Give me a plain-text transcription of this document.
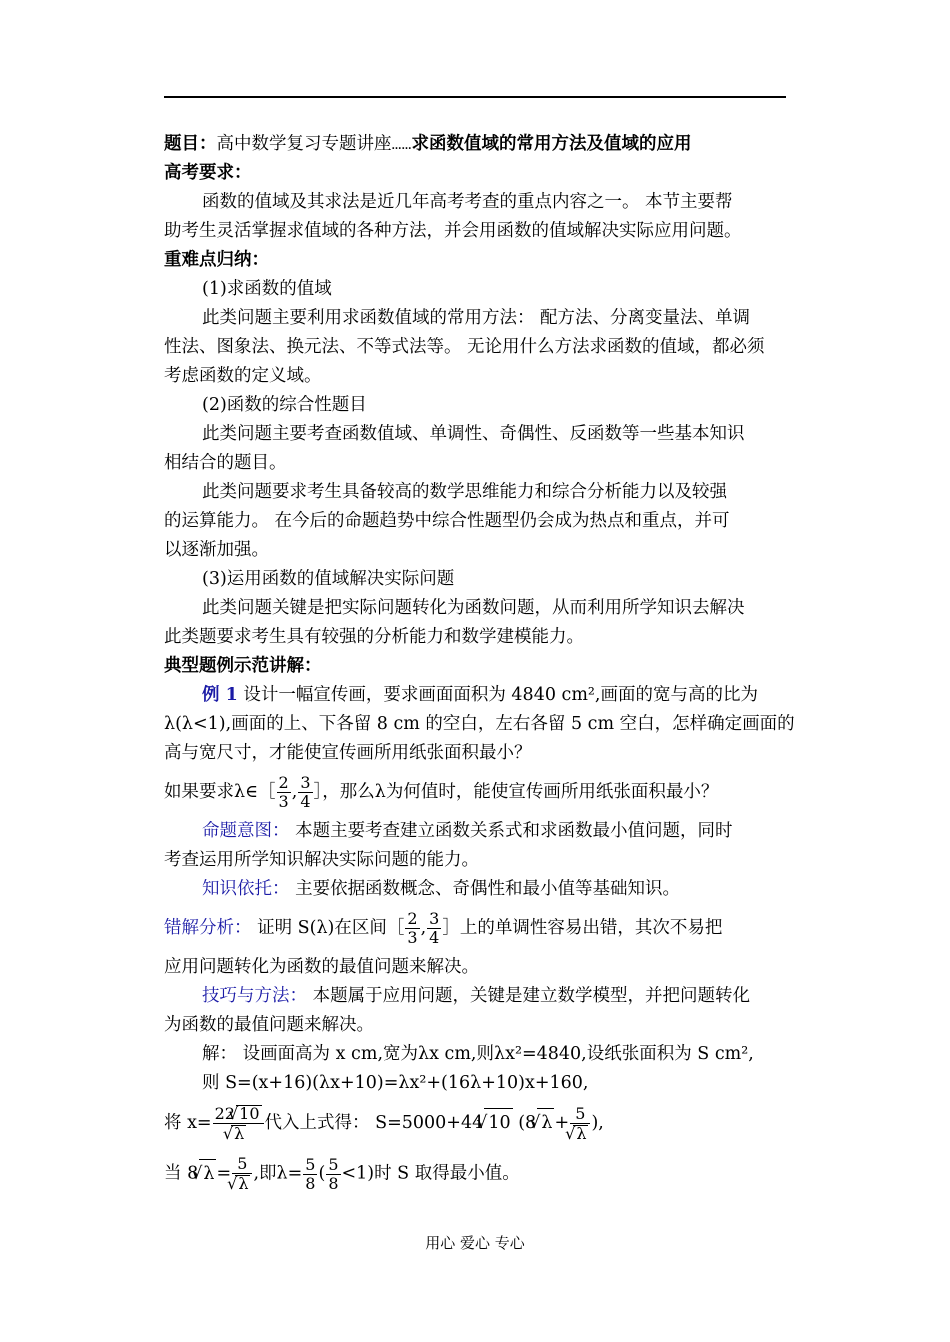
题目：高中数学复习专题讲座……求函数值域的常用方法及值域的应用
高考要求：
函数的值域及其求法是近几年高考考查的重点内容之一。 本节主要帮
助考生灵活掌握求值域的各种方法，并会用函数的值域解决实际应用问题。
重难点归纳：
(1)求函数的值域
此类问题主要利用求函数值域的常用方法： 配方法、分离变量法、单调
性法、图象法、换元法、不等式法等。 无论用什么方法求函数的值域，都必须
考虑函数的定义域。
(2)函数的综合性题目
此类问题主要考查函数值域、单调性、奇偶性、反函数等一些基本知识
相结合的题目。
此类问题要求考生具备较高的数学思维能力和综合分析能力以及较强
的运算能力。 在今后的命题趋势中综合性题型仍会成为热点和重点，并可
以逐渐加强。
(3)运用函数的值域解决实际问题
此类问题关键是把实际问题转化为函数问题，从而利用所学知识去解决
此类题要求考生具有较强的分析能力和数学建模能力。
典型题例示范讲解：
例 1 设计一幅宣传画，要求画面面积为 4840 cm²,画面的宽与高的比为
λ(λ<1),画面的上、下各留 8 cm 的空白，左右各留 5 cm 空白，怎样确定画面的
高与宽尺寸，才能使宣传画所用纸张面积最小？
如果要求λ∈［ $\frac{2}{3}$ , $\frac{3}{4}$ ］，那么λ为何值时，能使宣传画所用纸张面积最小？
命题意图： 本题主要考查建立函数关系式和求函数最小值问题，同时
考查运用所学知识解决实际问题的能力。
知识依托： 主要依据函数概念、奇偶性和最小值等基础知识。
错解分析： 证明 S(λ)在区间［ $\frac{2}{3}$ , $\frac{3}{4}$ ］上的单调性容易出错，其次不易把
应用问题转化为函数的最值问题来解决。
技巧与方法： 本题属于应用问题，关键是建立数学模型，并把问题转化
为函数的最值问题来解决。
解： 设画面高为 x cm,宽为λx cm,则λx²=4840,设纸张面积为 S cm²,
则 S=(x+16)(λx+10)=λx²+(16λ+10)x+160,
将 x= 22 √ 10
√ λ 代入上式得： S=5000+44 √ 10 (8 √ λ + 5
√ λ ),
当 8 √ λ = 5
√ λ ,即$\lambda= \frac{5}{8}$ ( $\frac{5}{8} <1$)时 S 取得最小值。
用心 爱心 专心
